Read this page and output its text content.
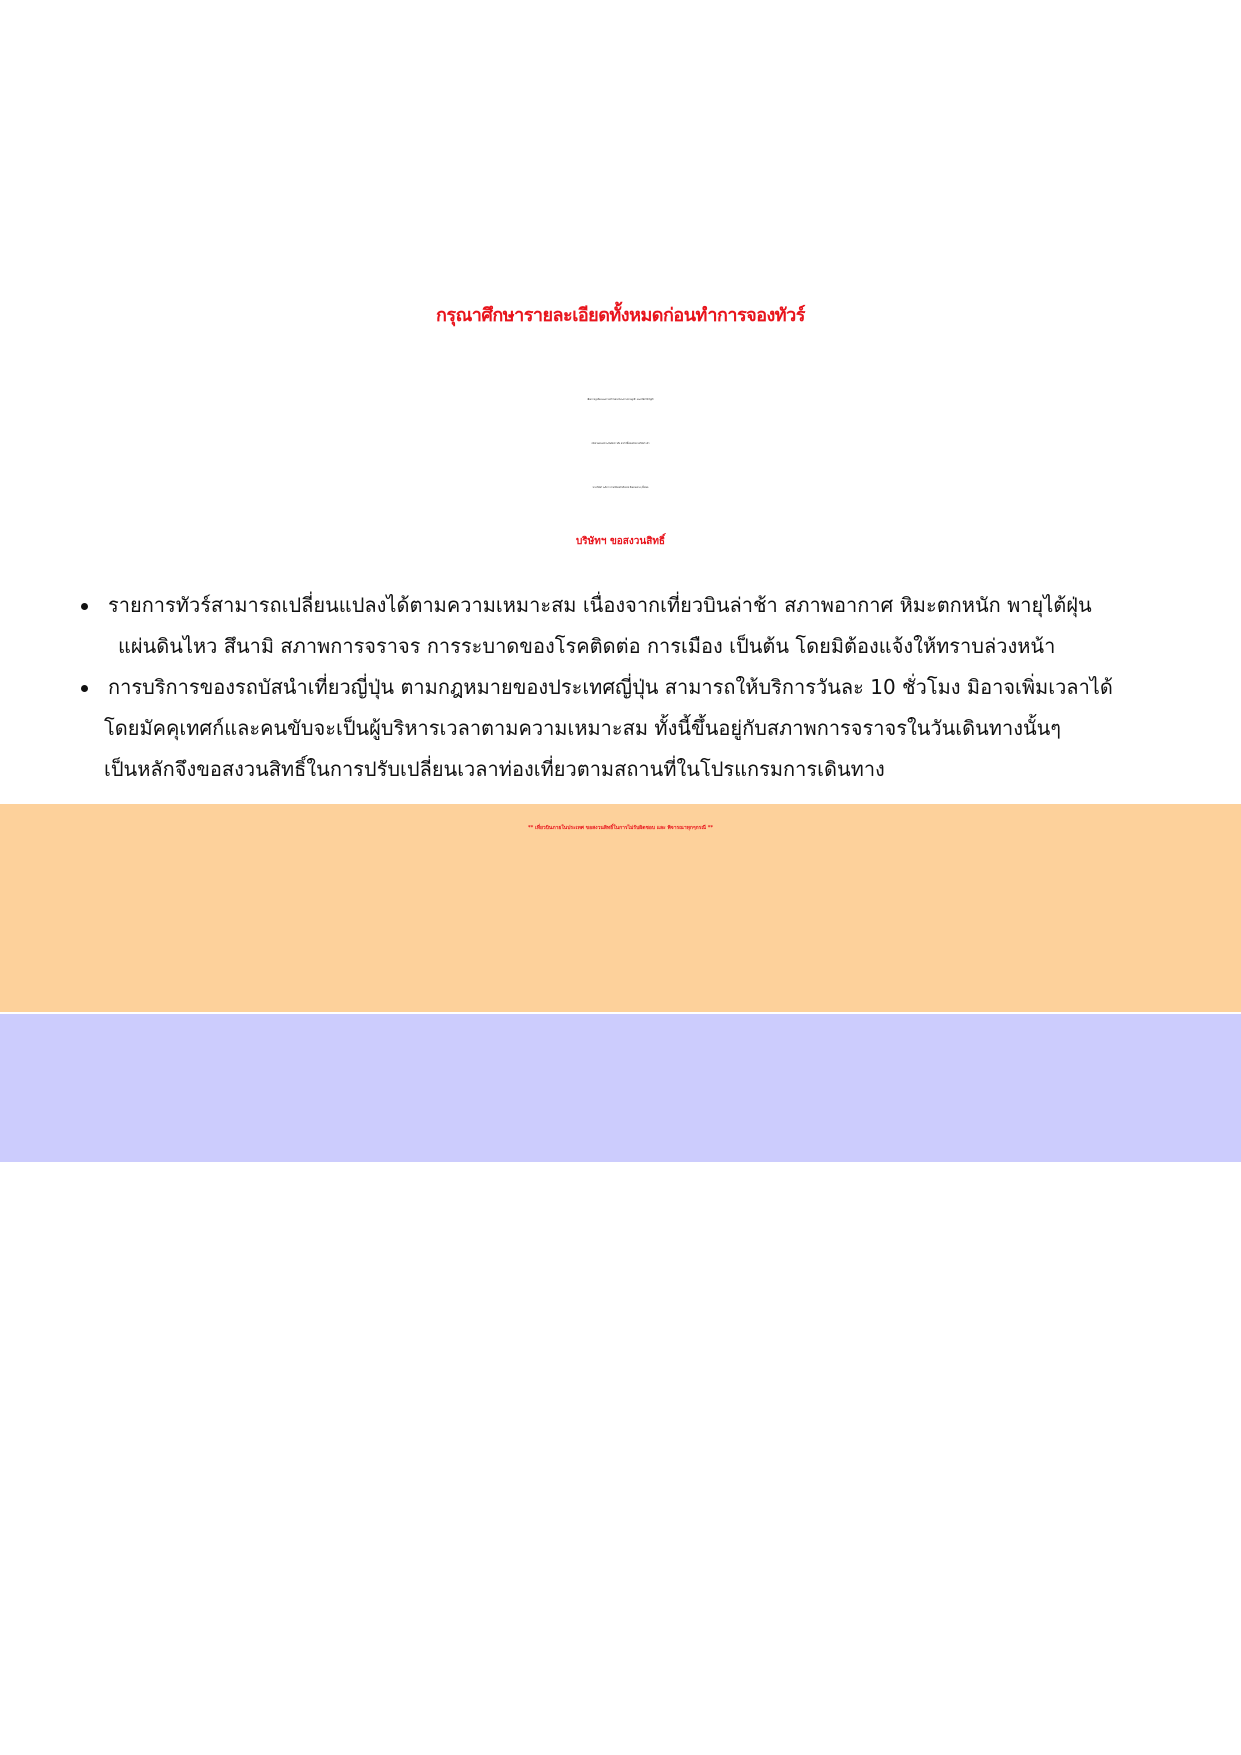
กรุณาศึกษารายละเอียดทั้งหมดก่อนทำการจองทัวร์
เพื่อความถูกต้องและความเข้าใจตรงกันระหว่างท่านลูกค้า และบริษัทฯทัวร์คู่ค้า
เมื่อท่านตกลงชำระเงินมัดจำ หรือ ค่าทัวร์ทั้งหมดกับทางบริษัทฯ แล้ว
ทางบริษัทฯ จะถือว่า ท่านได้ยอมรับเงื่อนไข ข้อตกลงต่างๆ ทั้งหมด
บริษัทฯ ขอสงวนสิทธิ์
รายการทัวร์สามารถเปลี่ยนแปลงได้ตามความเหมาะสม เนื่องจากเที่ยวบินล่าช้า สภาพอากาศ หิมะตกหนัก พายุไต้ฝุ่น
แผ่นดินไหว สึนามิ สภาพการจราจร การระบาดของโรคติดต่อ การเมือง เป็นต้น โดยมิต้องแจ้งให้ทราบล่วงหน้า
การบริการของรถบัสนำเที่ยวญี่ปุ่น ตามกฎหมายของประเทศญี่ปุ่น สามารถให้บริการวันละ 10 ชั่วโมง มิอาจเพิ่มเวลาได้
โดยมัคคุเทศก์และคนขับจะเป็นผู้บริหารเวลาตามความเหมาะสม ทั้งนี้ขึ้นอยู่กับสภาพการจราจรในวันเดินทางนั้นๆ
เป็นหลักจึงขอสงวนสิทธิ์ในการปรับเปลี่ยนเวลาท่องเที่ยวตามสถานที่ในโปรแกรมการเดินทาง
** เที่ยวบินภายในประเทศ ขอสงวนสิทธิ์ในการไม่รับผิดชอบ และ พิจารณาทุกๆกรณี **
